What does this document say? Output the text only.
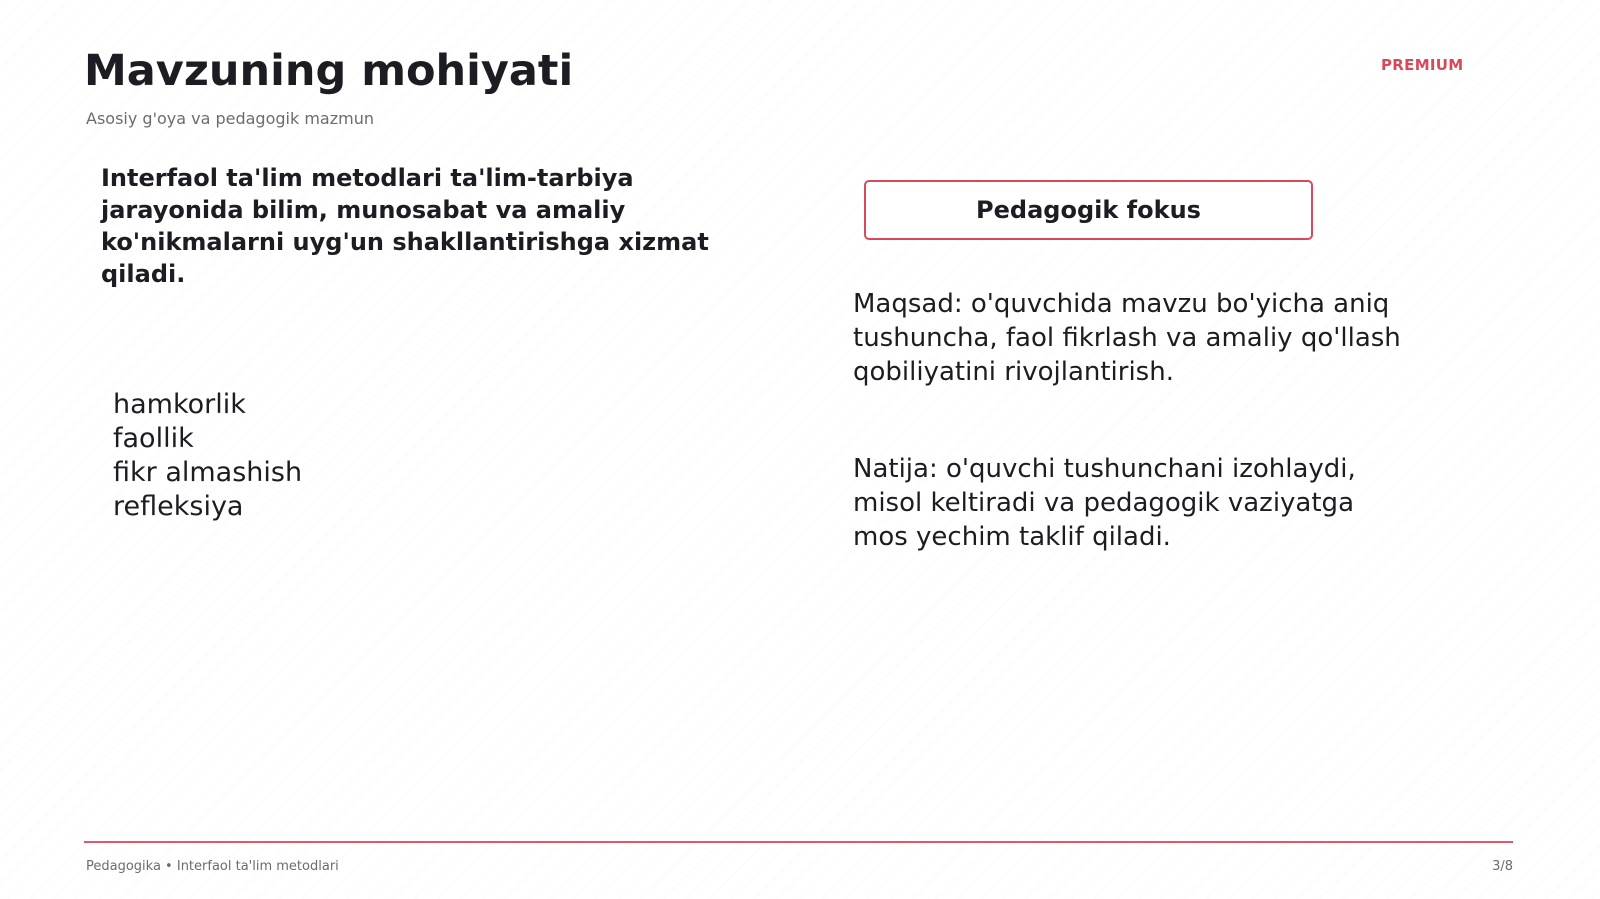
Mavzuning mohiyati
Asosiy g'oya va pedagogik mazmun
PREMIUM

Interfaol ta'lim metodlari ta'lim-tarbiya jarayonida bilim, munosabat va amaliy ko'nikmalarni uyg'un shakllantirishga xizmat qiladi.

hamkorlik
faollik
fikr almashish
refleksiya
Pedagogik fokus

Maqsad: o'quvchida mavzu bo'yicha aniq tushuncha, faol fikrlash va amaliy qo'llash qobiliyatini rivojlantirish.

Natija: o'quvchi tushunchani izohlaydi, misol keltiradi va pedagogik vaziyatga mos yechim taklif qiladi.

Pedagogika • Interfaol ta'lim metodlari	3/8
